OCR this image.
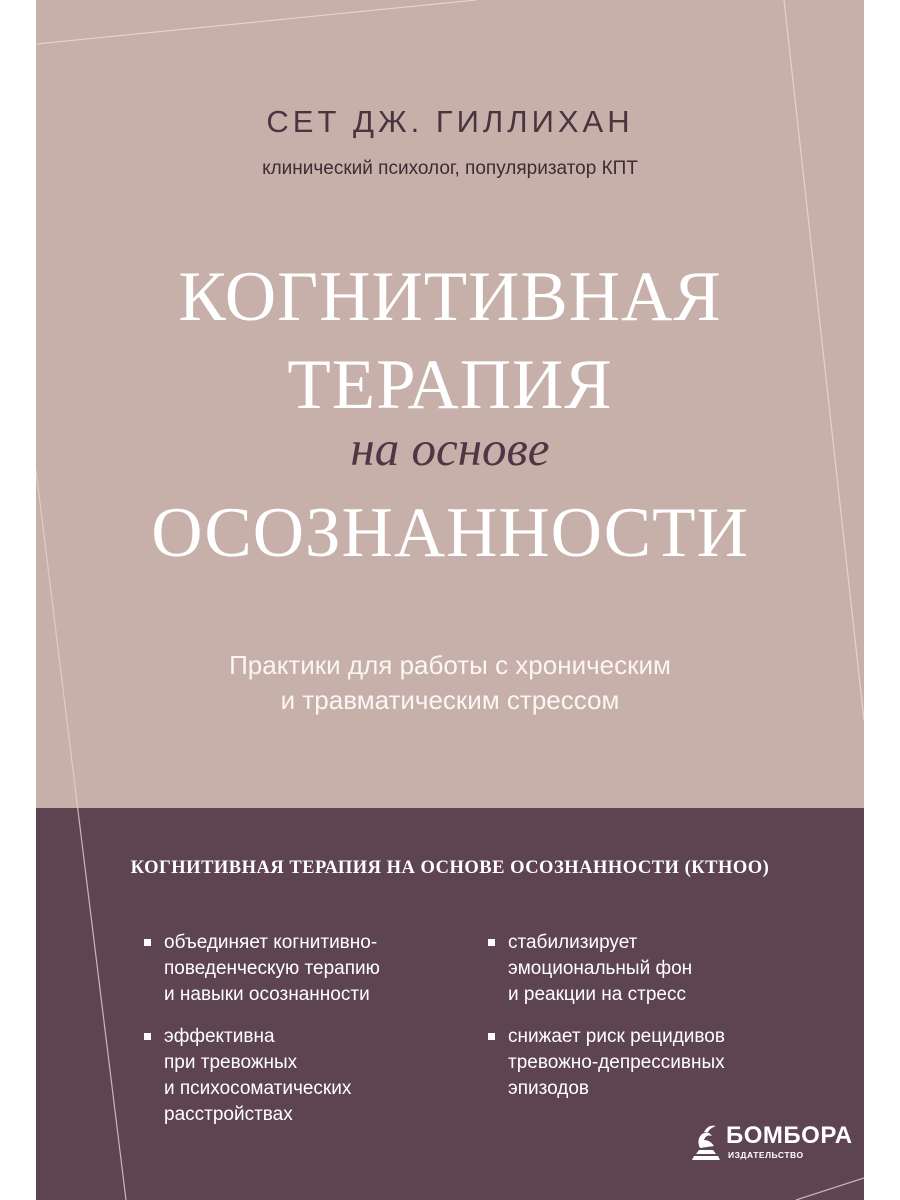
СЕТ ДЖ. ГИЛЛИХАН
клинический психолог, популяризатор КПТ
КОГНИТИВНАЯ
ТЕРАПИЯ
на основе
ОСОЗНАННОСТИ
Практики для работы с хроническим
и травматическим стрессом
КОГНИТИВНАЯ ТЕРАПИЯ НА ОСНОВЕ ОСОЗНАННОСТИ (КТНОО)
объединяет когнитивно-
поведенческую терапию
и навыки осознанности
эффективна
при тревожных
и психосоматических
расстройствах
стабилизирует
эмоциональный фон
и реакции на стресс
снижает риск рецидивов
тревожно-депрессивных
эпизодов
БОМБОРА
ИЗДАТЕЛЬСТВО
